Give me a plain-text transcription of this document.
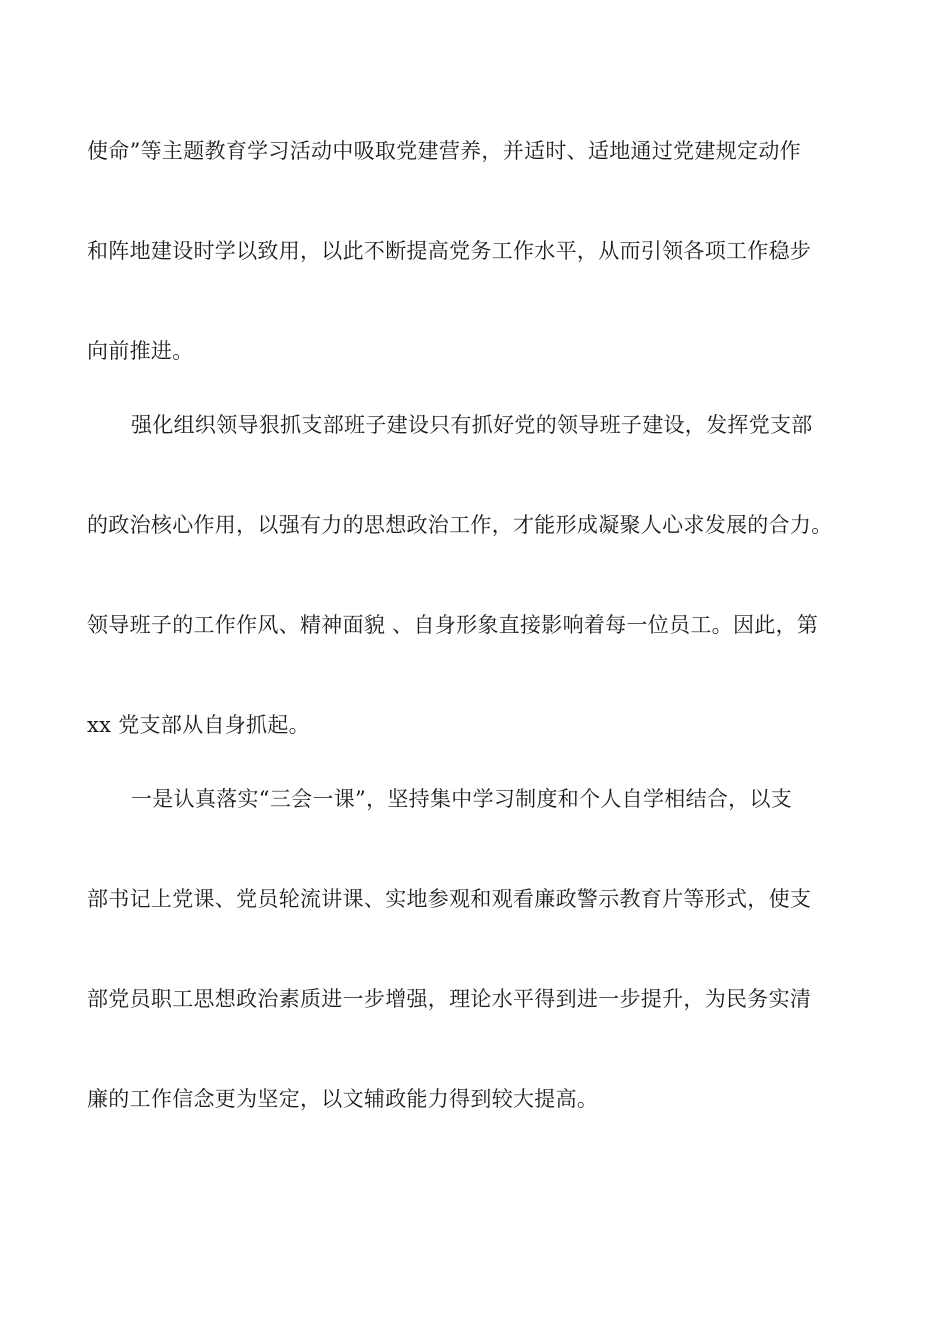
使命”等主题教育学习活动中吸取党建营养，并适时、适地通过党建规定动作
和阵地建设时学以致用，以此不断提高党务工作水平，从而引领各项工作稳步
向前推进。
强化组织领导狠抓支部班子建设只有抓好党的领导班子建设，发挥党支部
的政治核心作用，以强有力的思想政治工作，才能形成凝聚人心求发展的合力。
领导班子的工作作风、精神面貌 、自身形象直接影响着每一位员工。因此，第
xx 党支部从自身抓起。
一是认真落实“三会一课”，坚持集中学习制度和个人自学相结合，以支
部书记上党课、党员轮流讲课、实地参观和观看廉政警示教育片等形式，使支
部党员职工思想政治素质进一步增强，理论水平得到进一步提升，为民务实清
廉的工作信念更为坚定，以文辅政能力得到较大提高。
